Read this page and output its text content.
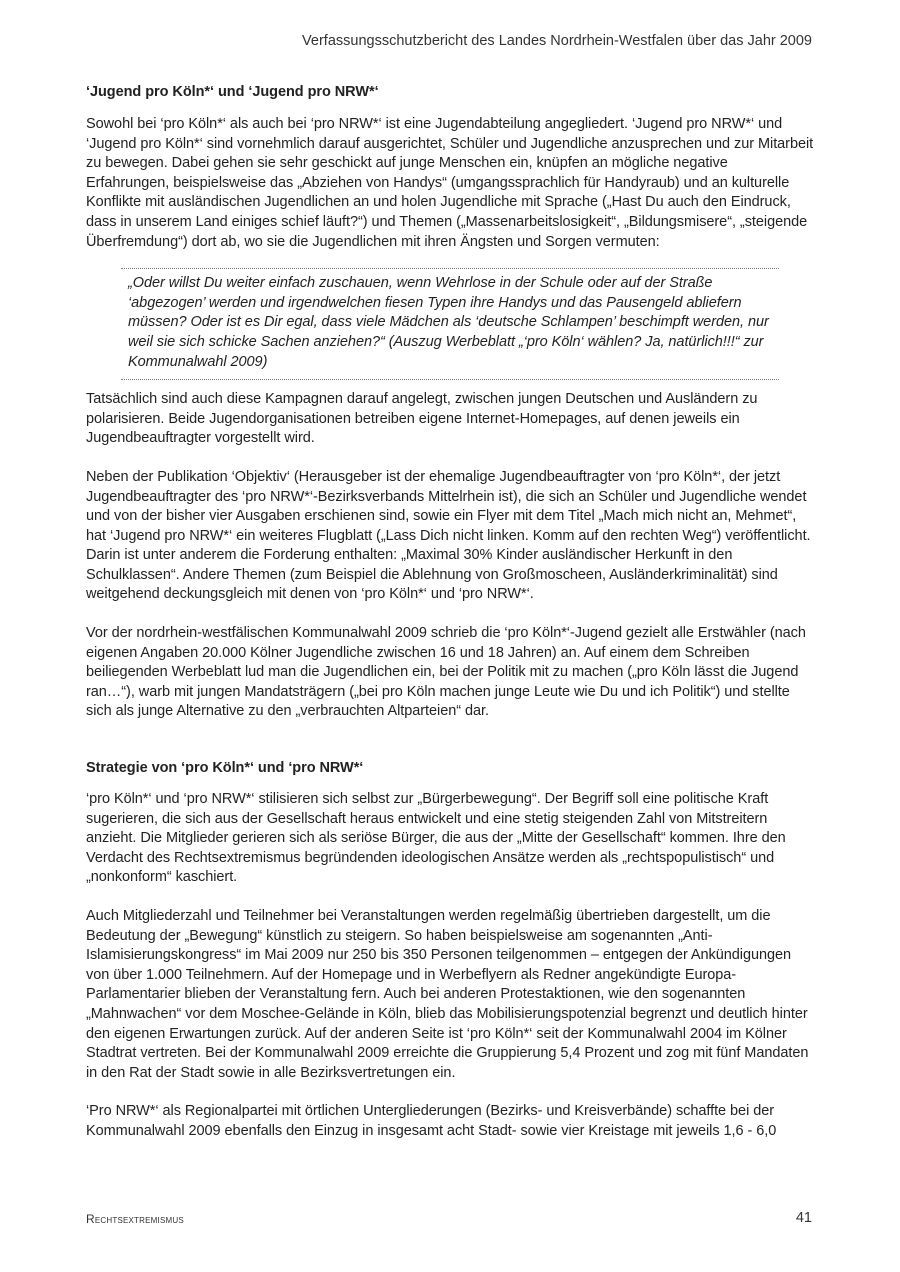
Verfassungsschutzbericht des Landes Nordrhein-Westfalen über das Jahr 2009
‘Jugend pro Köln*‘ und ‘Jugend pro NRW*‘

Sowohl bei ‘pro Köln*‘ als auch bei ‘pro NRW*‘ ist eine Jugendabteilung angegliedert. ‘Jugend pro NRW*‘ und ‘Jugend pro Köln*‘ sind vornehmlich darauf ausgerichtet, Schüler und Jugendliche anzusprechen und zur Mitarbeit zu bewegen. Dabei gehen sie sehr geschickt auf junge Menschen ein, knüpfen an mögliche negative Erfahrungen, beispielsweise das „Abziehen von Handys“ (umgangssprachlich für Handyraub) und an kulturelle Konflikte mit ausländischen Jugendlichen an und holen Jugendliche mit Sprache („Hast Du auch den Eindruck, dass in unserem Land einiges schief läuft?“) und Themen („Massenarbeitslosigkeit“, „Bildungsmisere“, „steigende Überfremdung“) dort ab, wo sie die Jugendlichen mit ihren Ängsten und Sorgen vermuten:

„Oder willst Du weiter einfach zuschauen, wenn Wehrlose in der Schule oder auf der Straße ‘abgezogen’ werden und irgendwelchen fiesen Typen ihre Handys und das Pausengeld abliefern müssen? Oder ist es Dir egal, dass viele Mädchen als ‘deutsche Schlampen’ beschimpft werden, nur weil sie sich schicke Sachen anziehen?“ (Auszug Werbeblatt „‘pro Köln‘ wählen? Ja, natürlich!!!“ zur Kommunalwahl 2009)

Tatsächlich sind auch diese Kampagnen darauf angelegt, zwischen jungen Deutschen und Ausländern zu polarisieren. Beide Jugendorganisationen betreiben eigene Internet-Homepages, auf denen jeweils ein Jugendbeauftragter vorgestellt wird.

Neben der Publikation ‘Objektiv‘ (Herausgeber ist der ehemalige Jugendbeauftragter von ‘pro Köln*‘, der jetzt Jugendbeauftragter des ‘pro NRW*‘-Bezirksverbands Mittelrhein ist), die sich an Schüler und Jugendliche wendet und von der bisher vier Ausgaben erschienen sind, sowie ein Flyer mit dem Titel „Mach mich nicht an, Mehmet“, hat ‘Jugend pro NRW*‘ ein weiteres Flugblatt („Lass Dich nicht linken. Komm auf den rechten Weg“) veröffentlicht. Darin ist unter anderem die Forderung enthalten: „Maximal 30% Kinder ausländischer Herkunft in den Schulklassen“. Andere Themen (zum Beispiel die Ablehnung von Großmoscheen, Ausländerkriminalität) sind weitgehend deckungsgleich mit denen von ‘pro Köln*‘ und ‘pro NRW*‘.

Vor der nordrhein-westfälischen Kommunalwahl 2009 schrieb die ‘pro Köln*‘-Jugend gezielt alle Erstwähler (nach eigenen Angaben 20.000 Kölner Jugendliche zwischen 16 und 18 Jahren) an. Auf einem dem Schreiben beiliegenden Werbeblatt lud man die Jugendlichen ein, bei der Politik mit zu machen („pro Köln lässt die Jugend ran…“), warb mit jungen Mandatsträgern („bei pro Köln machen junge Leute wie Du und ich Politik“) und stellte sich als junge Alternative zu den „verbrauchten Altparteien“ dar.

Strategie von ‘pro Köln*‘ und ‘pro NRW*‘

‘pro Köln*‘ und ‘pro NRW*‘ stilisieren sich selbst zur „Bürgerbewegung“. Der Begriff soll eine politische Kraft sugerieren, die sich aus der Gesellschaft heraus entwickelt und eine stetig steigenden Zahl von Mitstreitern anzieht. Die Mitglieder gerieren sich als seriöse Bürger, die aus der „Mitte der Gesellschaft“ kommen. Ihre den Verdacht des Rechtsextremismus begründenden ideologischen Ansätze werden als „rechtspopulistisch“ und „nonkonform“ kaschiert.

Auch Mitgliederzahl und Teilnehmer bei Veranstaltungen werden regelmäßig übertrieben dargestellt, um die Bedeutung der „Bewegung“ künstlich zu steigern. So haben beispielsweise am sogenannten „Anti-Islamisierungskongress“ im Mai 2009 nur 250 bis 350 Personen teilgenommen – entgegen der Ankündigungen von über 1.000 Teilnehmern. Auf der Homepage und in Werbeflyern als Redner angekündigte Europa-Parlamentarier blieben der Veranstaltung fern. Auch bei anderen Protestaktionen, wie den sogenannten „Mahnwachen“ vor dem Moschee-Gelände in Köln, blieb das Mobilisierungspotenzial begrenzt und deutlich hinter den eigenen Erwartungen zurück. Auf der anderen Seite ist ‘pro Köln*‘ seit der Kommunalwahl 2004 im Kölner Stadtrat vertreten. Bei der Kommunalwahl 2009 erreichte die Gruppierung 5,4 Prozent und zog mit fünf Mandaten in den Rat der Stadt sowie in alle Bezirksvertretungen ein.

‘Pro NRW*‘ als Regionalpartei mit örtlichen Untergliederungen (Bezirks- und Kreisverbände) schaffte bei der Kommunalwahl 2009 ebenfalls den Einzug in insgesamt acht Stadt- sowie vier Kreistage mit jeweils 1,6 - 6,0

Rechtsextremismus	41
